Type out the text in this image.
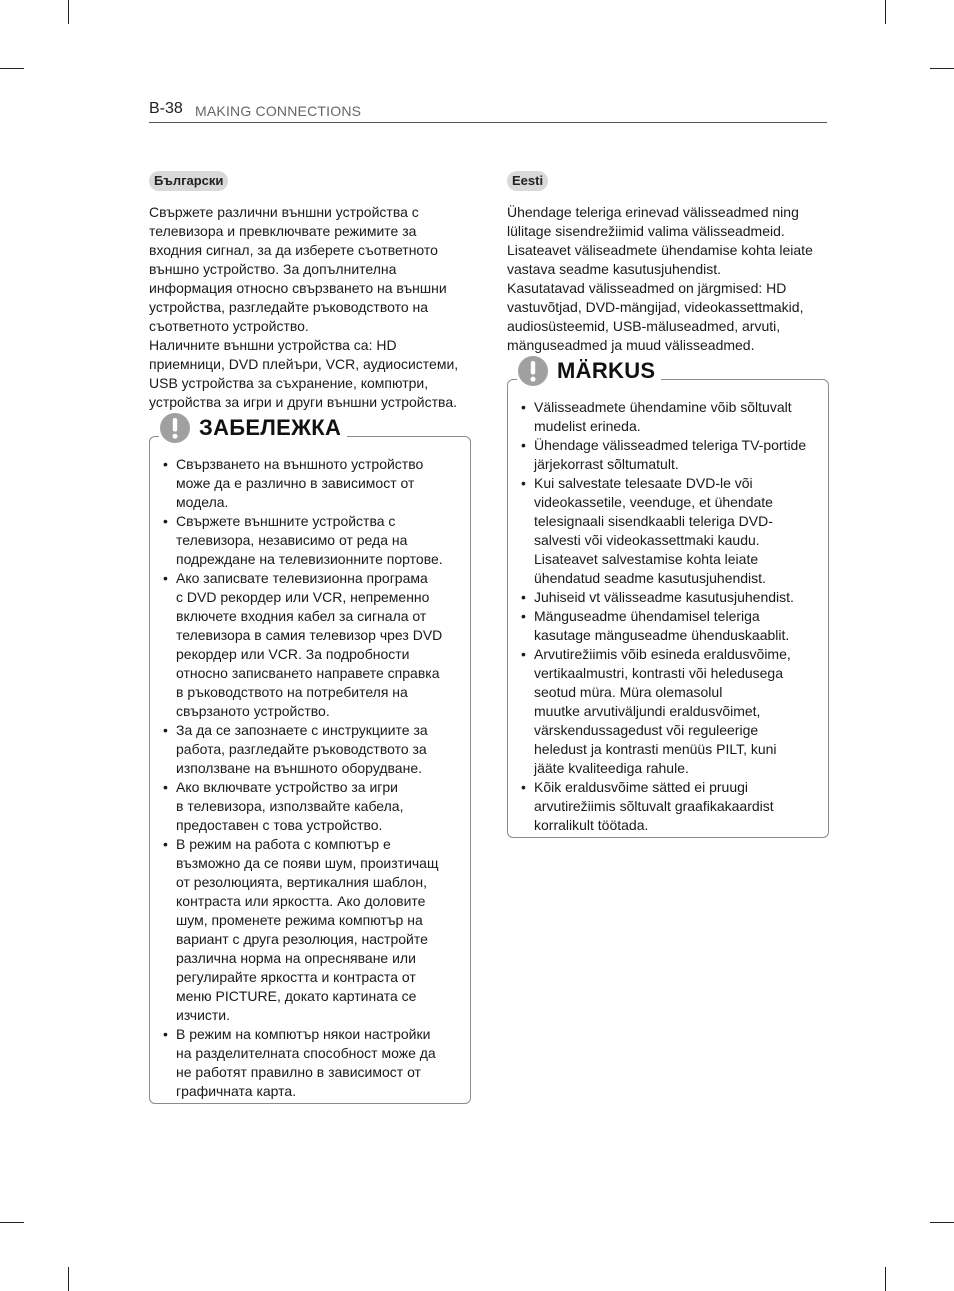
B-38 MAKING CONNECTIONS
Български

Свържете различни външни устройства с
телевизора и превключвате режимите за
входния сигнал, за да изберете съответното
външно устройство. За допълнителна
информация относно свързването на външни
устройства, разгледайте ръководството на
съответното устройство.
Наличните външни устройства са: HD
приемници, DVD плейъри, VCR, аудиосистеми,
USB устройства за съхранение, компютри,
устройства за игри и други външни устройства.

ЗАБЕЛЕЖКА
• Свързването на външното устройство
може да е различно в зависимост от
модела.
• Свържете външните устройства с
телевизора, независимо от реда на
подреждане на телевизионните портове.
• Ако записвате телевизионна програма
с DVD рекордер или VCR, непременно
включете входния кабел за сигнала от
телевизора в самия телевизор чрез DVD
рекордер или VCR. За подробности
относно записването направете справка
в ръководството на потребителя на
свързаното устройство.
• За да се запознаете с инструкциите за
работа, разгледайте ръководството за
използване на външното оборудване.
• Ако включвате устройство за игри
в телевизора, използвайте кабела,
предоставен с това устройство.
• В режим на работа с компютър е
възможно да се появи шум, произтичащ
от резолюцията, вертикалния шаблон,
контраста или яркостта. Ако доловите
шум, променете режима компютър на
вариант с друга резолюция, настройте
различна норма на опресняване или
регулирайте яркостта и контраста от
меню PICTURE, докато картината се
изчисти.
• В режим на компютър някои настройки
на разделителната способност може да
не работят правилно в зависимост от
графичната карта.
Eesti

Ühendage teleriga erinevad välisseadmed ning
lülitage sisendrežiimid valima välisseadmeid.
Lisateavet väliseadmete ühendamise kohta leiate
vastava seadme kasutusjuhendist.
Kasutatavad välisseadmed on järgmised: HD
vastuvõtjad, DVD-mängijad, videokassettmakid,
audiosüsteemid, USB-mäluseadmed, arvuti,
mänguseadmed ja muud välisseadmed.

MÄRKUS
• Välisseadmete ühendamine võib sõltuvalt
mudelist erineda.
• Ühendage välisseadmed teleriga TV-portide
järjekorrast sõltumatult.
• Kui salvestate telesaate DVD-le või
videokassetile, veenduge, et ühendate
telesignaali sisendkaabli teleriga DVD-
salvesti või videokassettmaki kaudu.
Lisateavet salvestamise kohta leiate
ühendatud seadme kasutusjuhendist.
• Juhiseid vt välisseadme kasutusjuhendist.
• Mänguseadme ühendamisel teleriga
kasutage mänguseadme ühenduskaablit.
• Arvutirežiimis võib esineda eraldusvõime,
vertikaalmustri, kontrasti või heledusega
seotud müra. Müra olemasolul
muutke arvutiväljundi eraldusvõimet,
värskendussagedust või reguleerige
heledust ja kontrasti menüüs PILT, kuni
jääte kvaliteediga rahule.
• Kõik eraldusvõime sätted ei pruugi
arvutirežiimis sõltuvalt graafikakaardist
korralikult töötada.
